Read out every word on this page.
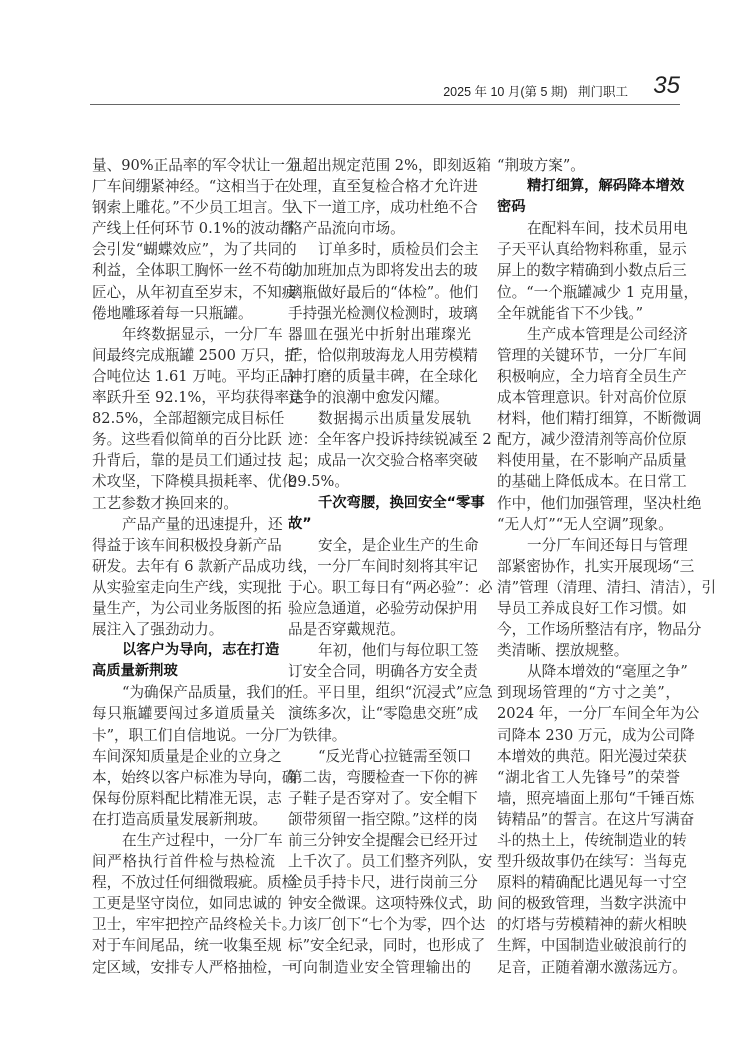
2025 年 10 月(第 5 期)   荆门职工 35
量、90%正品率的军令状让一分
厂车间绷紧神经。“这相当于在
钢索上雕花。”不少员工坦言。生
产线上任何环节 0.1%的波动都
会引发“蝴蝶效应”，为了共同的
利益，全体职工胸怀一丝不苟的
匠心，从年初直至岁末，不知疲
倦地雕琢着每一只瓶罐。
年终数据显示，一分厂车
间最终完成瓶罐 2500 万只，折
合吨位达 1.61 万吨。平均正品
率跃升至 92.1%，平均获得率达
82.5%，全部超额完成目标任
务。这些看似简单的百分比跃
升背后，靠的是员工们通过技
术攻坚，下降模具损耗率、优化
工艺参数才换回来的。
产品产量的迅速提升，还
得益于该车间积极投身新产品
研发。去年有 6 款新产品成功
从实验室走向生产线，实现批
量生产，为公司业务版图的拓
展注入了强劲动力。
以客户为导向，志在打造
高质量新荆玻
“为确保产品质量，我们的
每只瓶罐要闯过多道质量关
卡”，职工们自信地说。一分厂
车间深知质量是企业的立身之
本，始终以客户标准为导向，确
保每份原料配比精准无误，志
在打造高质量发展新荆玻。
在生产过程中，一分厂车
间严格执行首件检与热检流
程，不放过任何细微瑕疵。质检
工更是坚守岗位，如同忠诚的
卫士，牢牢把控产品终检关卡。
对于车间尾品，统一收集至规
定区域，安排专人严格抽检，一
且超出规定范围 2%，即刻返箱
处理，直至复检合格才允许进
入下一道工序，成功杜绝不合
格产品流向市场。
订单多时，质检员们会主
动加班加点为即将发出去的玻
璃瓶做好最后的“体检”。他们
手持强光检测仪检测时，玻璃
器皿在强光中折射出璀璨光
芒，恰似荆玻海龙人用劳模精
神打磨的质量丰碑，在全球化
竞争的浪潮中愈发闪耀。
数据揭示出质量发展轨
迹：全年客户投诉持续锐减至 2
起；成品一次交验合格率突破
99.5%。
千次弯腰，换回安全“零事
故”
安全，是企业生产的生命
线，一分厂车间时刻将其牢记
于心。职工每日有“两必验”：必
验应急通道，必验劳动保护用
品是否穿戴规范。
年初，他们与每位职工签
订安全合同，明确各方安全责
任。平日里，组织“沉浸式”应急
演练多次，让“零隐患交班”成
为铁律。
“反光背心拉链需至领口
第二齿，弯腰检查一下你的裤
子鞋子是否穿对了。安全帽下
颌带须留一指空隙。”这样的岗
前三分钟安全提醒会已经开过
上千次了。员工们整齐列队，安
全员手持卡尺，进行岗前三分
钟安全微课。这项特殊仪式，助
力该厂创下“七个为零，四个达
标”安全纪录，同时，也形成了
可向制造业安全管理输出的
“荆玻方案”。
精打细算，解码降本增效
密码
在配料车间，技术员用电
子天平认真给物料称重，显示
屏上的数字精确到小数点后三
位。“一个瓶罐减少 1 克用量，
全年就能省下不少钱。”
生产成本管理是公司经济
管理的关键环节，一分厂车间
积极响应，全力培育全员生产
成本管理意识。针对高价位原
材料，他们精打细算，不断微调
配方，减少澄清剂等高价位原
料使用量，在不影响产品质量
的基础上降低成本。在日常工
作中，他们加强管理，坚决杜绝
“无人灯”“无人空调”现象。
一分厂车间还每日与管理
部紧密协作，扎实开展现场“三
清”管理（清理、清扫、清洁），引
导员工养成良好工作习惯。如
今，工作场所整洁有序，物品分
类清晰、摆放规整。
从降本增效的“毫厘之争”
到现场管理的“方寸之美”，
2024 年，一分厂车间全年为公
司降本 230 万元，成为公司降
本增效的典范。阳光漫过荣获
“湖北省工人先锋号”的荣誉
墙，照亮墙面上那句“千锤百炼
铸精品”的誓言。在这片写满奋
斗的热土上，传统制造业的转
型升级故事仍在续写：当每克
原料的精确配比遇见每一寸空
间的极致管理，当数字洪流中
的灯塔与劳模精神的薪火相映
生辉，中国制造业破浪前行的
足音，正随着潮水激荡远方。
